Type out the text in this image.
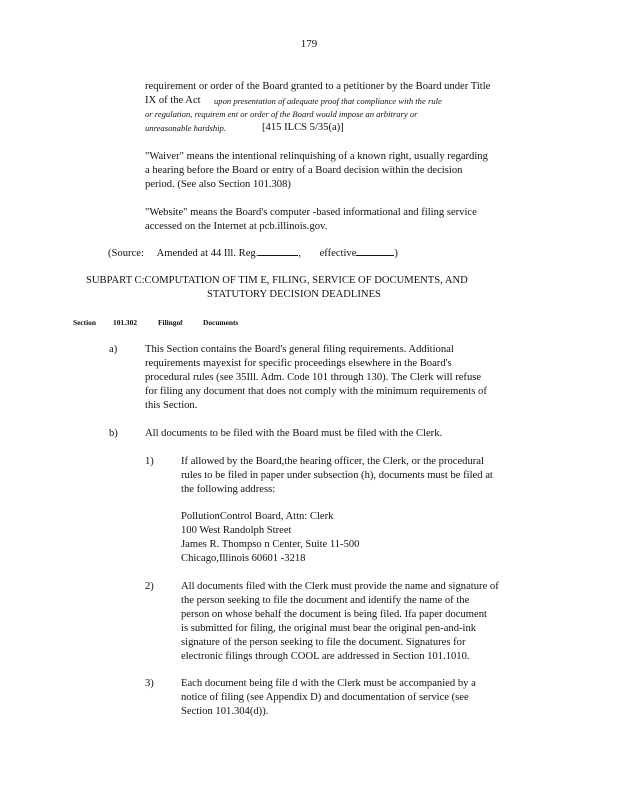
179
requirement or order of the Board granted to a petitioner by the Board under Title
IX of the Act upon presentation of adequate proof that compliance with the rule
or regulation, requirem ent or order of the Board would impose an arbitrary or
unreasonable hardship.	[415 ILCS 5/35(a)]
"Waiver" means the intentional relinquishing of a known right, usually regarding
a hearing before the Board or entry of a Board decision within the decision
period. (See also Section 101.308)
"Website" means the Board's computer -based informational and filing service
accessed on the Internet at pcb.illinois.gov.
(Source: Amended at 44 Ill. Reg.	, effective	)
SUBPART C:COMPUTATION OF TIM E, FILING, SERVICE OF DOCUMENTS, AND
STATUTORY DECISION DEADLINES
Section 101.302	Filingof	Documents
a)	This Section contains the Board's general filing requirements. Additional
requirements mayexist for specific proceedings elsewhere in the Board's
procedural rules (see 35Ill. Adm. Code 101 through 130). The Clerk will refuse
for filing any document that does not comply with the minimum requirements of
this Section.
b)	All documents to be filed with the Board must be filed with the Clerk.
1)	If allowed by the Board,the hearing officer, the Clerk, or the procedural
rules to be filed in paper under subsection (h), documents must be filed at
the following address:
PollutionControl Board, Attn: Clerk
100 West Randolph Street
James R. Thompso n Center, Suite 11-500
Chicago,Illinois 60601 -3218
2)	All documents filed with the Clerk must provide the name and signature of
the person seeking to file the document and identify the name of the
person on whose behalf the document is being filed. Ifa paper document
is submitted for filing, the original must bear the original pen-and-ink
signature of the person seeking to file the document. Signatures for
electronic filings through COOL are addressed in Section 101.1010.
3)	Each document being file d with the Clerk must be accompanied by a
notice of filing (see Appendix D) and documentation of service (see
Section 101.304(d)).
